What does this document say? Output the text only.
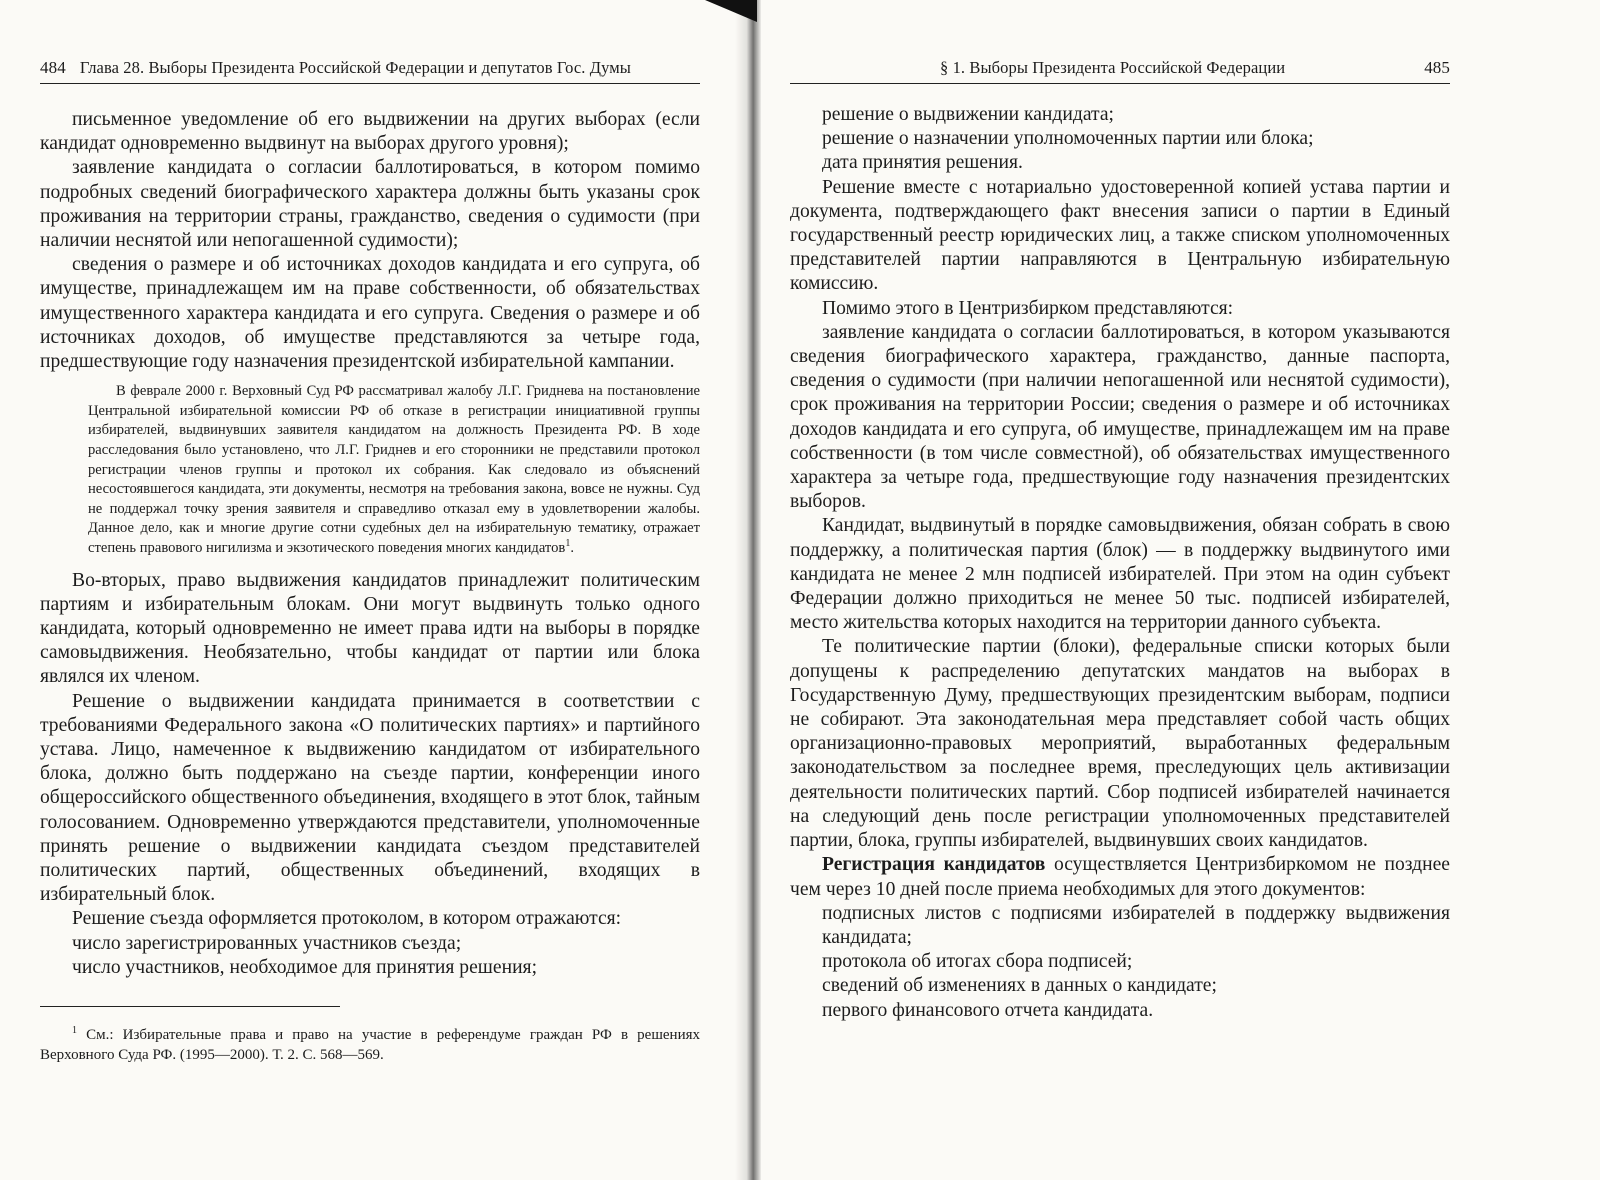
484 Глава 28. Выборы Президента Российской Федерации и депутатов Гос. Думы

письменное уведомление об его выдвижении на других выборах (если кандидат одновременно выдвинут на выборах другого уровня);

заявление кандидата о согласии баллотироваться, в котором помимо подробных сведений биографического характера должны быть указаны срок проживания на территории страны, гражданство, сведения о судимости (при наличии неснятой или непогашенной судимости);

сведения о размере и об источниках доходов кандидата и его супруга, об имуществе, принадлежащем им на праве собственности, об обязательствах имущественного характера кандидата и его супруга. Сведения о размере и об источниках доходов, об имуществе представляются за четыре года, предшествующие году назначения президентской избирательной кампании.

В феврале 2000 г. Верховный Суд РФ рассматривал жалобу Л.Г. Гриднева на постановление Центральной избирательной комиссии РФ об отказе в регистрации инициативной группы избирателей, выдвинувших заявителя кандидатом на должность Президента РФ. В ходе расследования было установлено, что Л.Г. Гриднев и его сторонники не представили протокол регистрации членов группы и протокол их собрания. Как следовало из объяснений несостоявшегося кандидата, эти документы, несмотря на требования закона, вовсе не нужны. Суд не поддержал точку зрения заявителя и справедливо отказал ему в удовлетворении жалобы. Данное дело, как и многие другие сотни судебных дел на избирательную тематику, отражает степень правового нигилизма и экзотического поведения многих кандидатов$^1$.

Во-вторых, право выдвижения кандидатов принадлежит политическим партиям и избирательным блокам. Они могут выдвинуть только одного кандидата, который одновременно не имеет права идти на выборы в порядке самовыдвижения. Необязательно, чтобы кандидат от партии или блока являлся их членом.

Решение о выдвижении кандидата принимается в соответствии с требованиями Федерального закона «О политических партиях» и партийного устава. Лицо, намеченное к выдвижению кандидатом от избирательного блока, должно быть поддержано на съезде партии, конференции иного общероссийского общественного объединения, входящего в этот блок, тайным голосованием. Одновременно утверждаются представители, уполномоченные принять решение о выдвижении кандидата съездом представителей политических партий, общественных объединений, входящих в избирательный блок.

Решение съезда оформляется протоколом, в котором отражаются:

число зарегистрированных участников съезда;

число участников, необходимое для принятия решения;

$^1$ См.: Избирательные права и право на участие в референдуме граждан РФ в решениях Верховного Суда РФ. (1995—2000). Т. 2. С. 568—569.
§ 1. Выборы Президента Российской Федерации	485

решение о выдвижении кандидата;

решение о назначении уполномоченных партии или блока;

дата принятия решения.

Решение вместе с нотариально удостоверенной копией устава партии и документа, подтверждающего факт внесения записи о партии в Единый государственный реестр юридических лиц, а также списком уполномоченных представителей партии направляются в Центральную избирательную комиссию.

Помимо этого в Центризбирком представляются:

заявление кандидата о согласии баллотироваться, в котором указываются сведения биографического характера, гражданство, данные паспорта, сведения о судимости (при наличии непогашенной или неснятой судимости), срок проживания на территории России; сведения о размере и об источниках доходов кандидата и его супруга, об имуществе, принадлежащем им на праве собственности (в том числе совместной), об обязательствах имущественного характера за четыре года, предшествующие году назначения президентских выборов.

Кандидат, выдвинутый в порядке самовыдвижения, обязан собрать в свою поддержку, а политическая партия (блок) — в поддержку выдвинутого ими кандидата не менее 2 млн подписей избирателей. При этом на один субъект Федерации должно приходиться не менее 50 тыс. подписей избирателей, место жительства которых находится на территории данного субъекта.

Те политические партии (блоки), федеральные списки которых были допущены к распределению депутатских мандатов на выборах в Государственную Думу, предшествующих президентским выборам, подписи не собирают. Эта законодательная мера представляет собой часть общих организационно-правовых мероприятий, выработанных федеральным законодательством за последнее время, преследующих цель активизации деятельности политических партий. Сбор подписей избирателей начинается на следующий день после регистрации уполномоченных представителей партии, блока, группы избирателей, выдвинувших своих кандидатов.

Регистрация кандидатов осуществляется Центризбиркомом не позднее чем через 10 дней после приема необходимых для этого документов:

подписных листов с подписями избирателей в поддержку выдвижения кандидата;

протокола об итогах сбора подписей;

сведений об изменениях в данных о кандидате;

первого финансового отчета кандидата.
